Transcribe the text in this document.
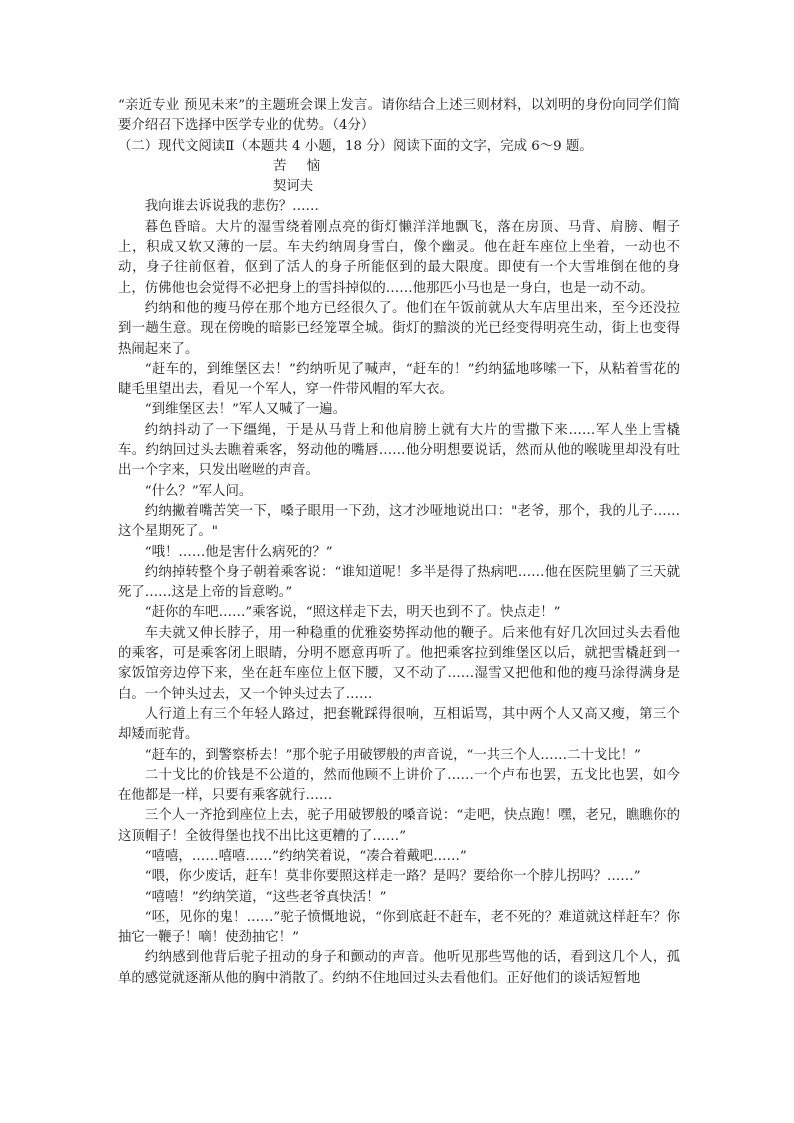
“亲近专业 预见未来”的主题班会课上发言。请你结合上述三则材料，以刘明的身份向同学们简要介绍召下选择中医学专业的优势。（4分）

（二）现代文阅读Ⅱ（本题共 4 小题，18 分）阅读下面的文字，完成 6～9 题。

苦 恼

契诃夫

我向谁去诉说我的悲伤？……

暮色昏暗。大片的湿雪绕着刚点亮的街灯懒洋洋地飘飞，落在房顶、马背、肩膀、帽子上，积成又软又薄的一层。车夫约纳周身雪白，像个幽灵。他在赶车座位上坐着，一动也不动，身子往前伛着，伛到了活人的身子所能伛到的最大限度。即使有一个大雪堆倒在他的身上，仿佛他也会觉得不必把身上的雪抖掉似的……他那匹小马也是一身白，也是一动不动。

约纳和他的瘦马停在那个地方已经很久了。他们在午饭前就从大车店里出来，至今还没拉到一趟生意。现在傍晚的暗影已经笼罩全城。街灯的黯淡的光已经变得明亮生动，街上也变得热闹起来了。

“赶车的，到维堡区去！”约纳听见了喊声，“赶车的！”约纳猛地哆嗦一下，从粘着雪花的睫毛里望出去，看见一个军人，穿一件带风帽的军大衣。

“到维堡区去！”军人又喊了一遍。

约纳抖动了一下缰绳，于是从马背上和他肩膀上就有大片的雪撒下来……军人坐上雪橇车。约纳回过头去瞧着乘客，努动他的嘴唇……他分明想要说话，然而从他的喉咙里却没有吐出一个字来，只发出咝咝的声音。

“什么？”军人问。

约纳撇着嘴苦笑一下，嗓子眼用一下劲，这才沙哑地说出口："老爷，那个，我的儿子……这个星期死了。"

“哦！……他是害什么病死的？”

约纳掉转整个身子朝着乘客说：“谁知道呢！多半是得了热病吧……他在医院里躺了三天就死了……这是上帝的旨意哟。”

“赶你的车吧……”乘客说，“照这样走下去，明天也到不了。快点走！”

车夫就又伸长脖子，用一种稳重的优雅姿势挥动他的鞭子。后来他有好几次回过头去看他的乘客，可是乘客闭上眼睛，分明不愿意再听了。他把乘客拉到维堡区以后，就把雪橇赶到一家饭馆旁边停下来，坐在赶车座位上伛下腰，又不动了……湿雪又把他和他的瘦马涂得满身是白。一个钟头过去，又一个钟头过去了……

人行道上有三个年轻人路过，把套靴踩得很响，互相诟骂，其中两个人又高又瘦，第三个却矮而驼背。

“赶车的，到警察桥去！”那个驼子用破锣般的声音说，“一共三个人……二十戈比！”

二十戈比的价钱是不公道的，然而他顾不上讲价了……一个卢布也罢，五戈比也罢，如今在他都是一样，只要有乘客就行……

三个人一齐抢到座位上去，驼子用破锣般的嗓音说：“走吧，快点跑！嘿，老兄，瞧瞧你的这顶帽子！全彼得堡也找不出比这更糟的了……”

“嘻嘻，……嘻嘻……”约纳笑着说，“凑合着戴吧……”

“喂，你少废话，赶车！莫非你要照这样走一路？是吗？要给你一个脖儿拐吗？……”

“嘻嘻！”约纳笑道，“这些老爷真快活！”

“呸，见你的鬼！……”驼子愤慨地说，“你到底赶不赶车，老不死的？难道就这样赶车？你抽它一鞭子！嘀！使劲抽它！”

约纳感到他背后驼子扭动的身子和颤动的声音。他听见那些骂他的话，看到这几个人，孤单的感觉就逐渐从他的胸中消散了。约纳不住地回过头去看他们。正好他们的谈话短暂地
